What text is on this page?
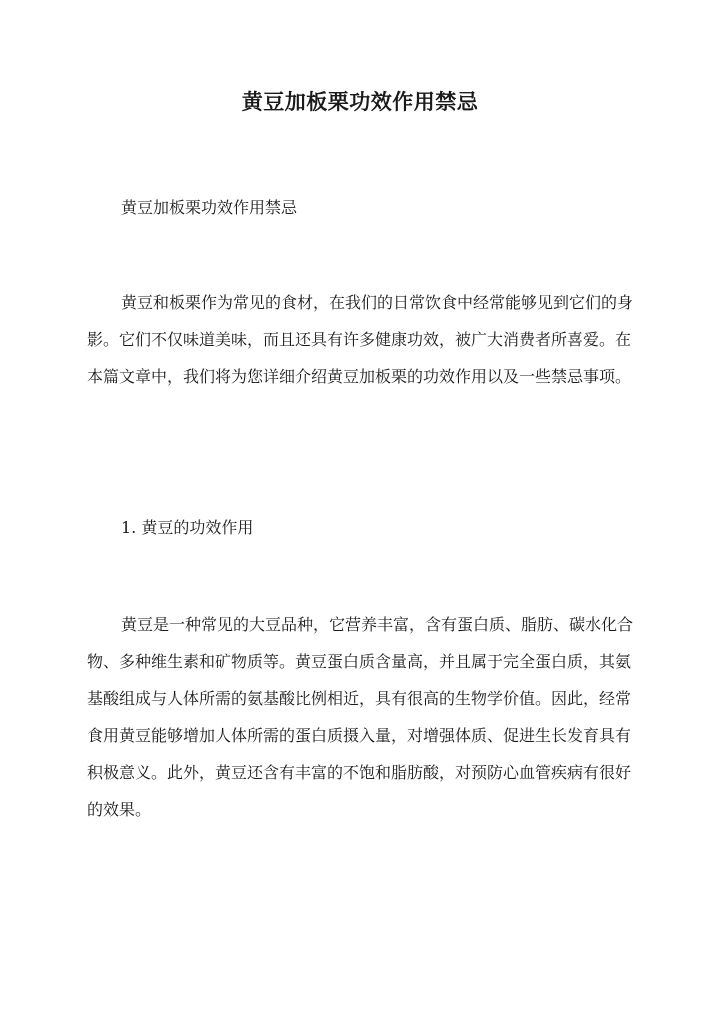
黄豆加板栗功效作用禁忌
黄豆加板栗功效作用禁忌
黄豆和板栗作为常见的食材，在我们的日常饮食中经常能够见到它们的身影。它们不仅味道美味，而且还具有许多健康功效，被广大消费者所喜爱。在本篇文章中，我们将为您详细介绍黄豆加板栗的功效作用以及一些禁忌事项。
1. 黄豆的功效作用
黄豆是一种常见的大豆品种，它营养丰富，含有蛋白质、脂肪、碳水化合物、多种维生素和矿物质等。黄豆蛋白质含量高，并且属于完全蛋白质，其氨基酸组成与人体所需的氨基酸比例相近，具有很高的生物学价值。因此，经常食用黄豆能够增加人体所需的蛋白质摄入量，对增强体质、促进生长发育具有积极意义。此外，黄豆还含有丰富的不饱和脂肪酸，对预防心血管疾病有很好的效果。
